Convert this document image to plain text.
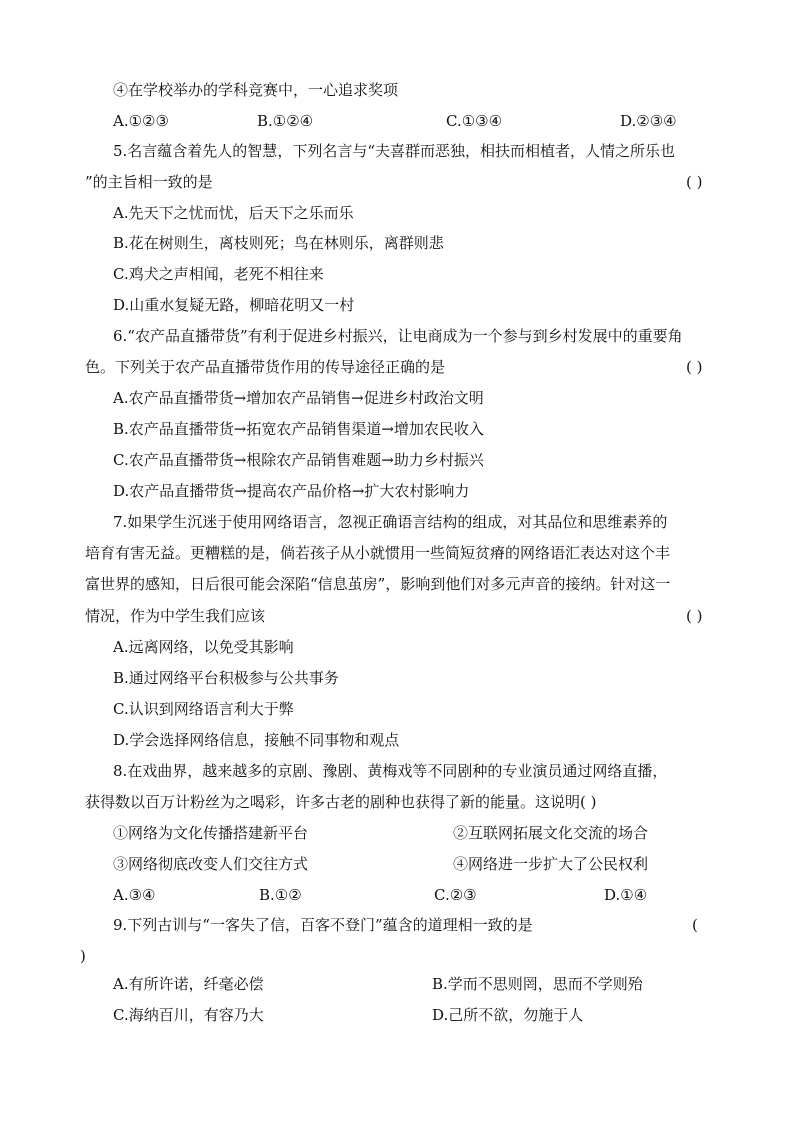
④在学校举办的学科竞赛中，一心追求奖项
A.①②③	B.①②④	C.①③④	D.②③④
5.名言蕴含着先人的智慧，下列名言与“夫喜群而恶独，相扶而相植者，人情之所乐也
”的主旨相一致的是	( )
A.先天下之忧而忧，后天下之乐而乐
B.花在树则生，离枝则死；鸟在林则乐，离群则悲
C.鸡犬之声相闻，老死不相往来
D.山重水复疑无路，柳暗花明又一村
6.“农产品直播带货”有利于促进乡村振兴，让电商成为一个参与到乡村发展中的重要角
色。下列关于农产品直播带货作用的传导途径正确的是	( )
A.农产品直播带货→增加农产品销售→促进乡村政治文明
B.农产品直播带货→拓宽农产品销售渠道→增加农民收入
C.农产品直播带货→根除农产品销售难题→助力乡村振兴
D.农产品直播带货→提高农产品价格→扩大农村影响力
7.如果学生沉迷于使用网络语言，忽视正确语言结构的组成，对其品位和思维素养的
培育有害无益。更糟糕的是，倘若孩子从小就惯用一些简短贫瘠的网络语汇表达对这个丰
富世界的感知，日后很可能会深陷“信息茧房”，影响到他们对多元声音的接纳。针对这一
情况，作为中学生我们应该	( )
A.远离网络，以免受其影响
B.通过网络平台积极参与公共事务
C.认识到网络语言利大于弊
D.学会选择网络信息，接触不同事物和观点
8.在戏曲界，越来越多的京剧、豫剧、黄梅戏等不同剧种的专业演员通过网络直播，
获得数以百万计粉丝为之喝彩，许多古老的剧种也获得了新的能量。这说明( )
①网络为文化传播搭建新平台	②互联网拓展文化交流的场合
③网络彻底改变人们交往方式	④网络进一步扩大了公民权利
A.③④	B.①②	C.②③	D.①④
9.下列古训与“一客失了信，百客不登门”蕴含的道理相一致的是	(
)
A.有所许诺，纤毫必偿	B.学而不思则罔，思而不学则殆
C.海纳百川，有容乃大	D.己所不欲，勿施于人
